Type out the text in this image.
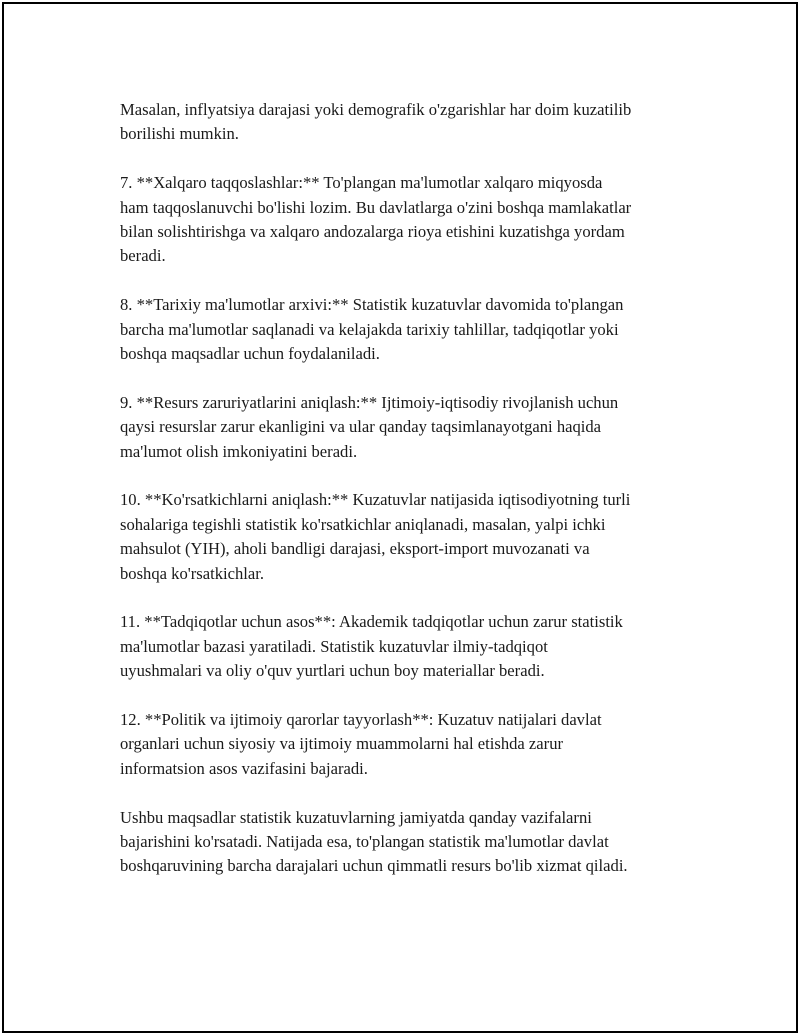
Masalan, inflyatsiya darajasi yoki demografik o'zgarishlar har doim kuzatilib
borilishi mumkin.

7. **Xalqaro taqqoslashlar:** To'plangan ma'lumotlar xalqaro miqyosda
ham taqqoslanuvchi bo'lishi lozim. Bu davlatlarga o'zini boshqa mamlakatlar
bilan solishtirishga va xalqaro andozalarga rioya etishini kuzatishga yordam
beradi.

8. **Tarixiy ma'lumotlar arxivi:** Statistik kuzatuvlar davomida to'plangan
barcha ma'lumotlar saqlanadi va kelajakda tarixiy tahlillar, tadqiqotlar yoki
boshqa maqsadlar uchun foydalaniladi.

9. **Resurs zaruriyatlarini aniqlash:** Ijtimoiy-iqtisodiy rivojlanish uchun
qaysi resurslar zarur ekanligini va ular qanday taqsimlanayotgani haqida
ma'lumot olish imkoniyatini beradi.

10. **Ko'rsatkichlarni aniqlash:** Kuzatuvlar natijasida iqtisodiyotning turli
sohalariga tegishli statistik ko'rsatkichlar aniqlanadi, masalan, yalpi ichki
mahsulot (YIH), aholi bandligi darajasi, eksport-import muvozanati va
boshqa ko'rsatkichlar.

11. **Tadqiqotlar uchun asos**: Akademik tadqiqotlar uchun zarur statistik
ma'lumotlar bazasi yaratiladi. Statistik kuzatuvlar ilmiy-tadqiqot
uyushmalari va oliy o'quv yurtlari uchun boy materiallar beradi.

12. **Politik va ijtimoiy qarorlar tayyorlash**: Kuzatuv natijalari davlat
organlari uchun siyosiy va ijtimoiy muammolarni hal etishda zarur
informatsion asos vazifasini bajaradi.

Ushbu maqsadlar statistik kuzatuvlarning jamiyatda qanday vazifalarni
bajarishini ko'rsatadi. Natijada esa, to'plangan statistik ma'lumotlar davlat
boshqaruvining barcha darajalari uchun qimmatli resurs bo'lib xizmat qiladi.
